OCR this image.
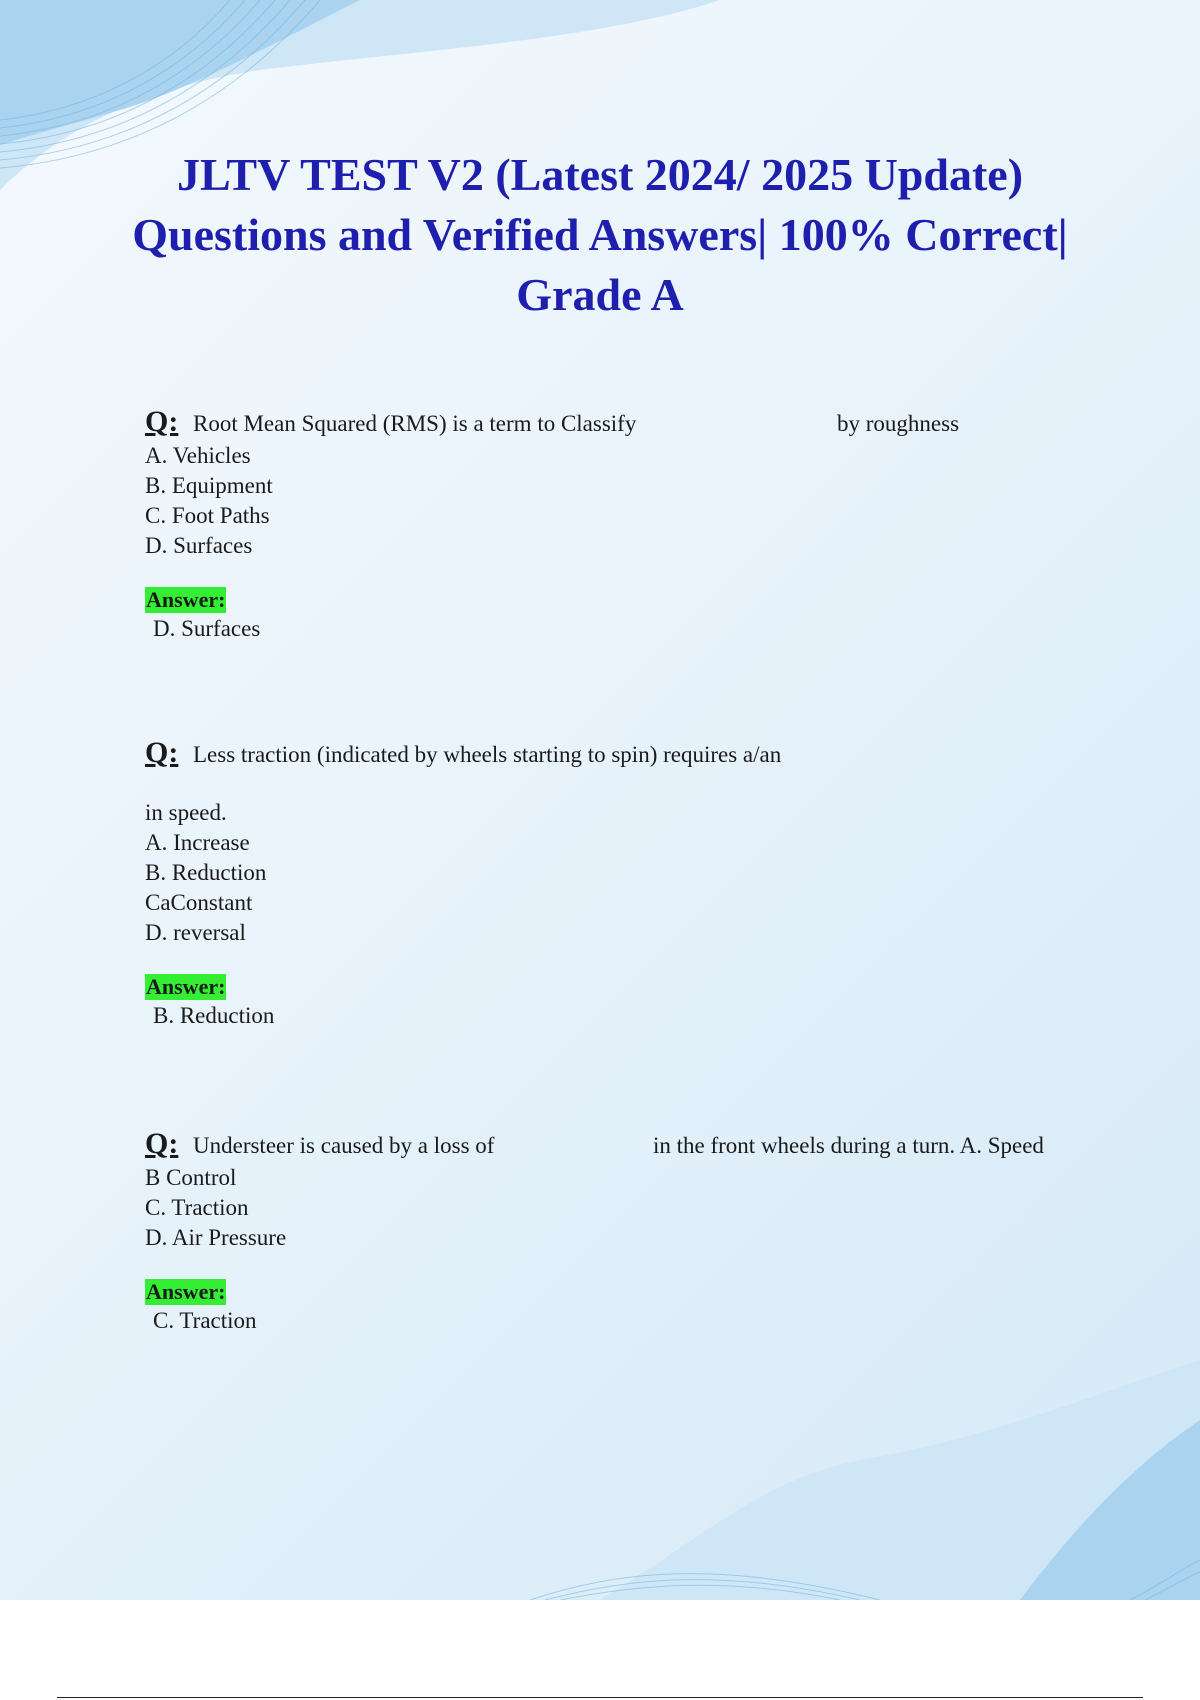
JLTV TEST V2 (Latest 2024/ 2025 Update) Questions and Verified Answers| 100% Correct| Grade A
Q: Root Mean Squared (RMS) is a term to Classify	by roughness
A. Vehicles
B. Equipment
C. Foot Paths
D. Surfaces
Answer:
D. Surfaces
Q: Less traction (indicated by wheels starting to spin) requires a/an
in speed.
A. Increase
B. Reduction
CaConstant
D. reversal
Answer:
B. Reduction
Q: Understeer is caused by a loss of	in the front wheels during a turn. A. Speed
B Control
C. Traction
D. Air Pressure
Answer:
C. Traction
